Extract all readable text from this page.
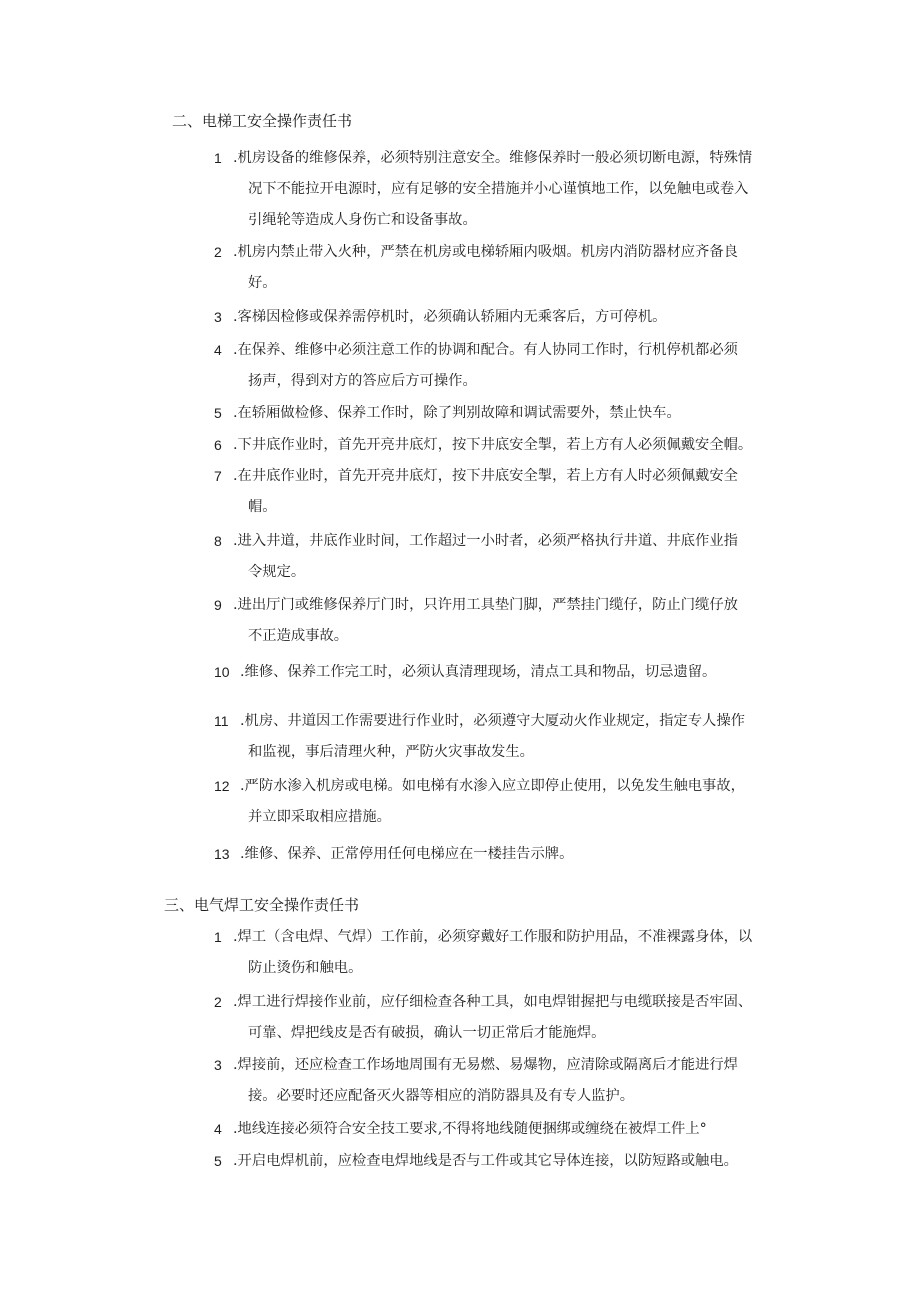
二、电梯工安全操作责任书
1 .机房设备的维修保养，必须特别注意安全。维修保养时一般必须切断电源，特殊情
况下不能拉开电源时，应有足够的安全措施并小心谨慎地工作，以免触电或卷入
引绳轮等造成人身伤亡和设备事故。
2 .机房内禁止带入火种，严禁在机房或电梯轿厢内吸烟。机房内消防器材应齐备良
好。
3 .客梯因检修或保养需停机时，必须确认轿厢内无乘客后，方可停机。
4 .在保养、维修中必须注意工作的协调和配合。有人协同工作时，行机停机都必须
扬声，得到对方的答应后方可操作。
5 .在轿厢做检修、保养工作时，除了判别故障和调试需要外，禁止快车。
6 .下井底作业时，首先开亮井底灯，按下井底安全掣，若上方有人必须佩戴安全帽。
7 .在井底作业时，首先开亮井底灯，按下井底安全掣，若上方有人时必须佩戴安全
帽。
8 .进入井道，井底作业时间，工作超过一小时者，必须严格执行井道、井底作业指
令规定。
9 .进出厅门或维修保养厅门时，只许用工具垫门脚，严禁挂门缆仔，防止门缆仔放
不正造成事故。
10 .维修、保养工作完工时，必须认真清理现场，清点工具和物品，切忌遗留。
11 .机房、井道因工作需要进行作业时，必须遵守大厦动火作业规定，指定专人操作
和监视，事后清理火种，严防火灾事故发生。
12 .严防水渗入机房或电梯。如电梯有水渗入应立即停止使用，以免发生触电事故，
并立即采取相应措施。
13 .维修、保养、正常停用任何电梯应在一楼挂告示牌。
三、电气焊工安全操作责任书
1 .焊工（含电焊、气焊）工作前，必须穿戴好工作服和防护用品，不准裸露身体，以
防止烫伤和触电。
2 .焊工进行焊接作业前，应仔细检查各种工具，如电焊钳握把与电缆联接是否牢固、
可靠、焊把线皮是否有破损，确认一切正常后才能施焊。
3 .焊接前，还应检查工作场地周围有无易燃、易爆物，应清除或隔离后才能进行焊
接。必要时还应配备灭火器等相应的消防器具及有专人监护。
4 .地线连接必须符合安全技工要求,不得将地线随便捆绑或缠绕在被焊工件上°
5 .开启电焊机前，应检查电焊地线是否与工件或其它导体连接，以防短路或触电。
